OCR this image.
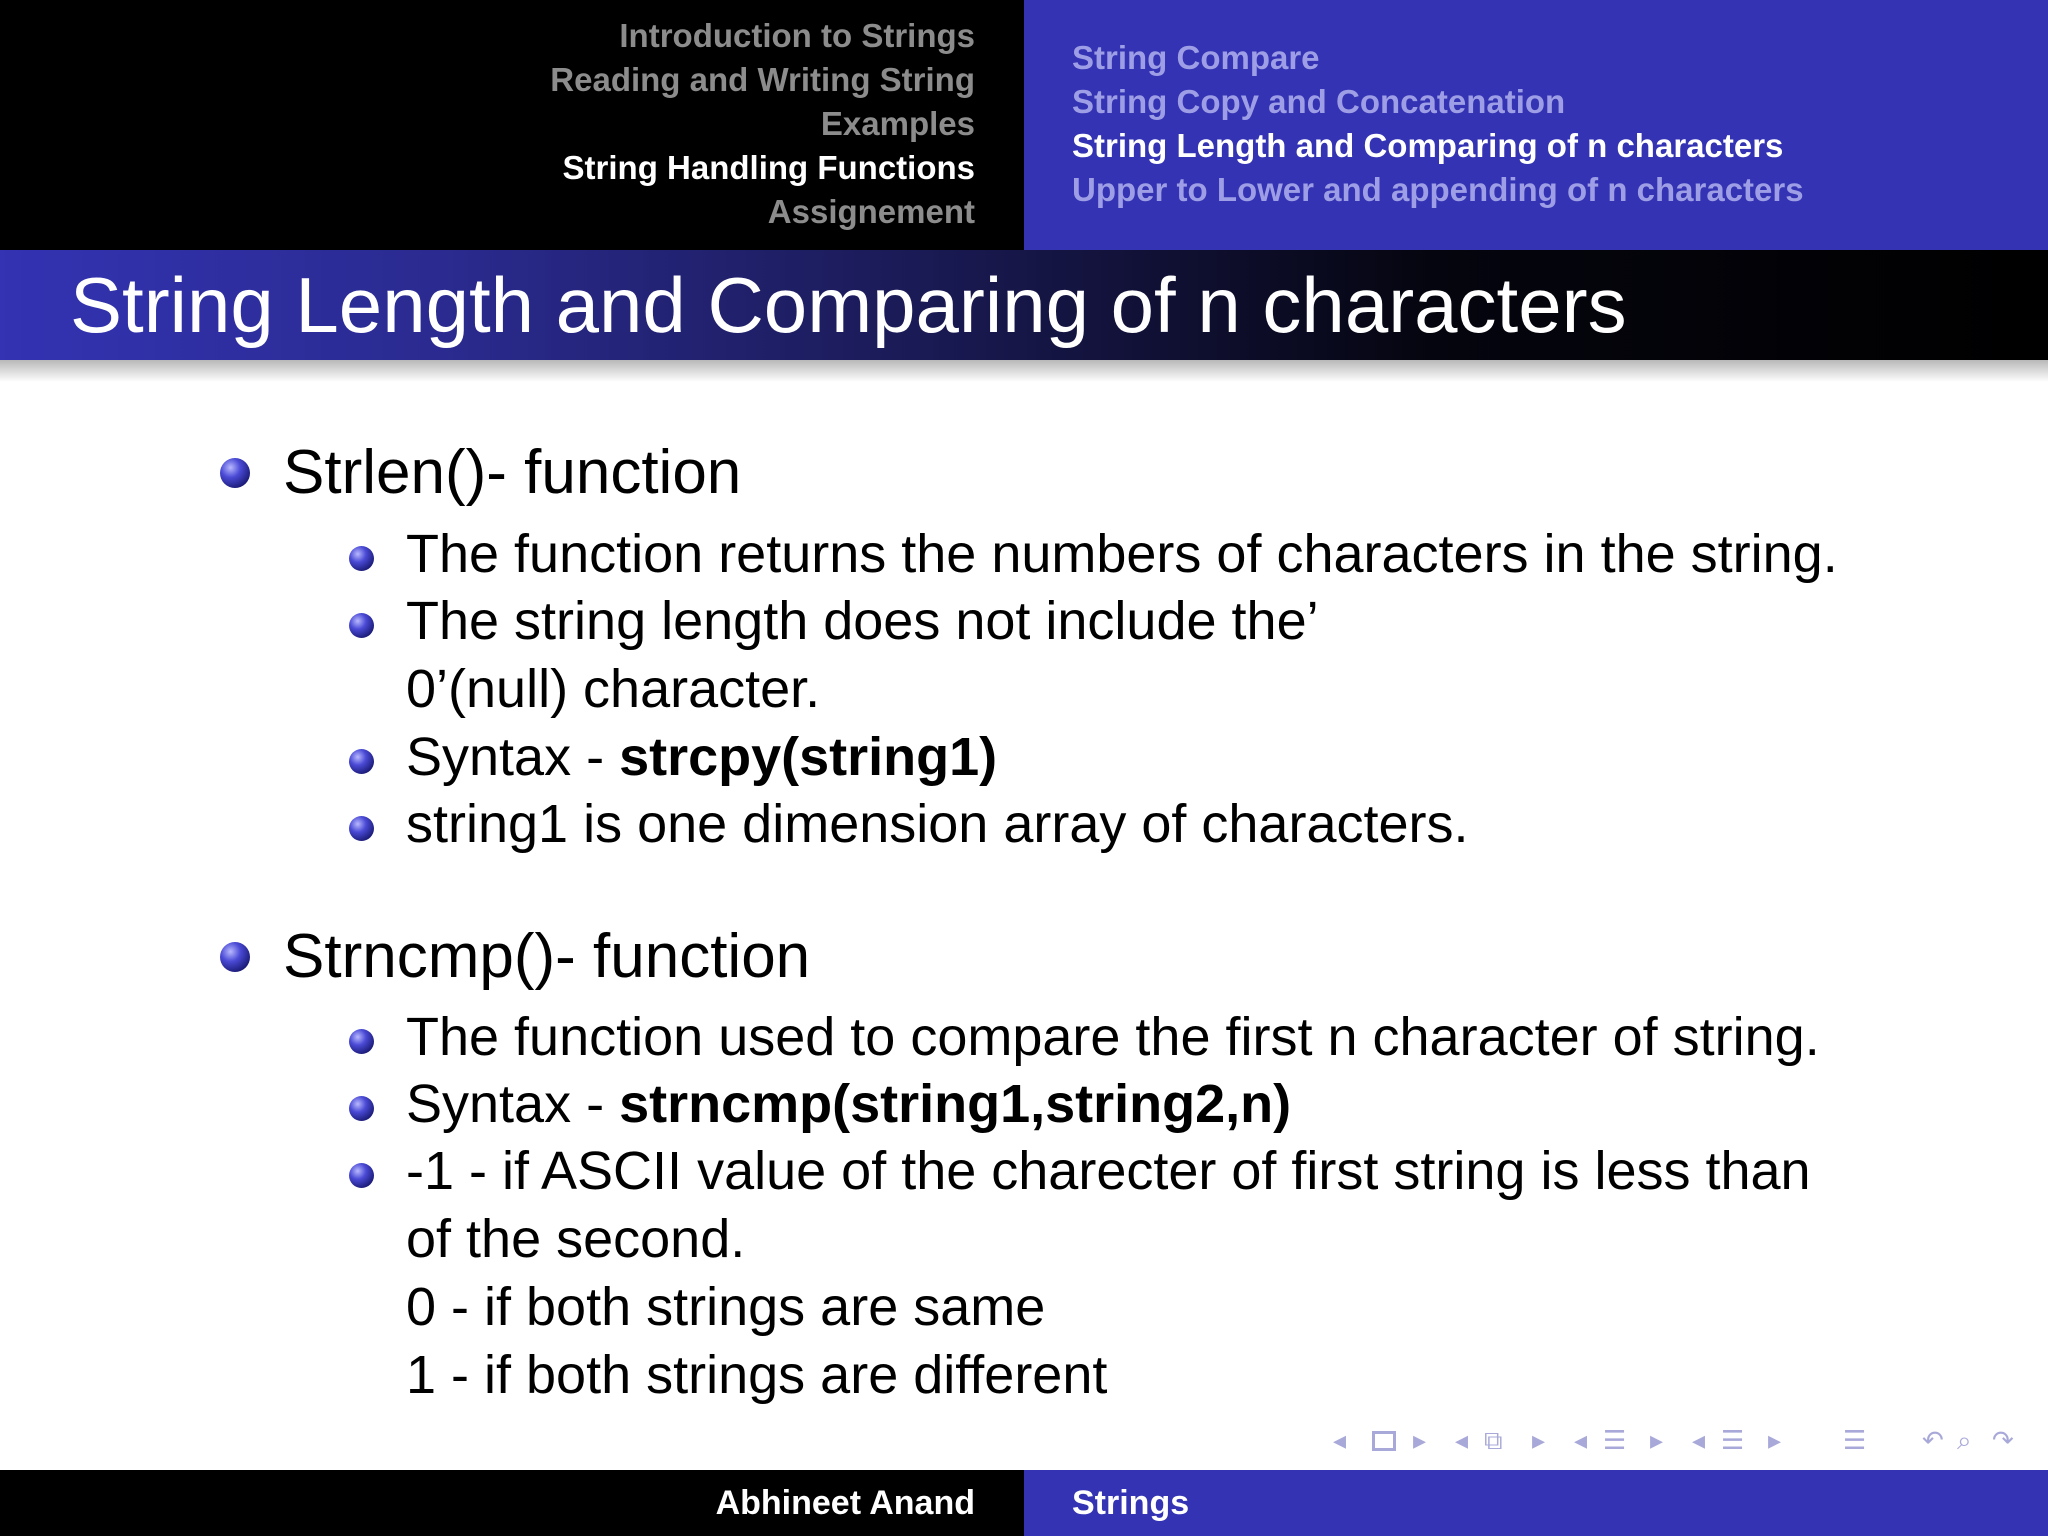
Introduction to Strings
Reading and Writing String
Examples
String Handling Functions
Assignement
String Compare
String Copy and Concatenation
String Length and Comparing of n characters
Upper to Lower and appending of n characters
String Length and Comparing of n characters
Strlen()- function
The function returns the numbers of characters in the string.
The string length does not include the’
0’(null) character.
Syntax - strcpy(string1)
string1 is one dimension array of characters.
Strncmp()- function
The function used to compare the first n character of string.
Syntax - strncmp(string1,string2,n)
-1 - if ASCII value of the charecter of first string is less than
of the second.
0 - if both strings are same
1 - if both strings are different
◂	▸ ◂ ⧉ ▸ ◂ ☰ ▸ ◂ ☰ ▸ ☰ ↶ ⌕ ↷
Abhineet Anand	Strings
